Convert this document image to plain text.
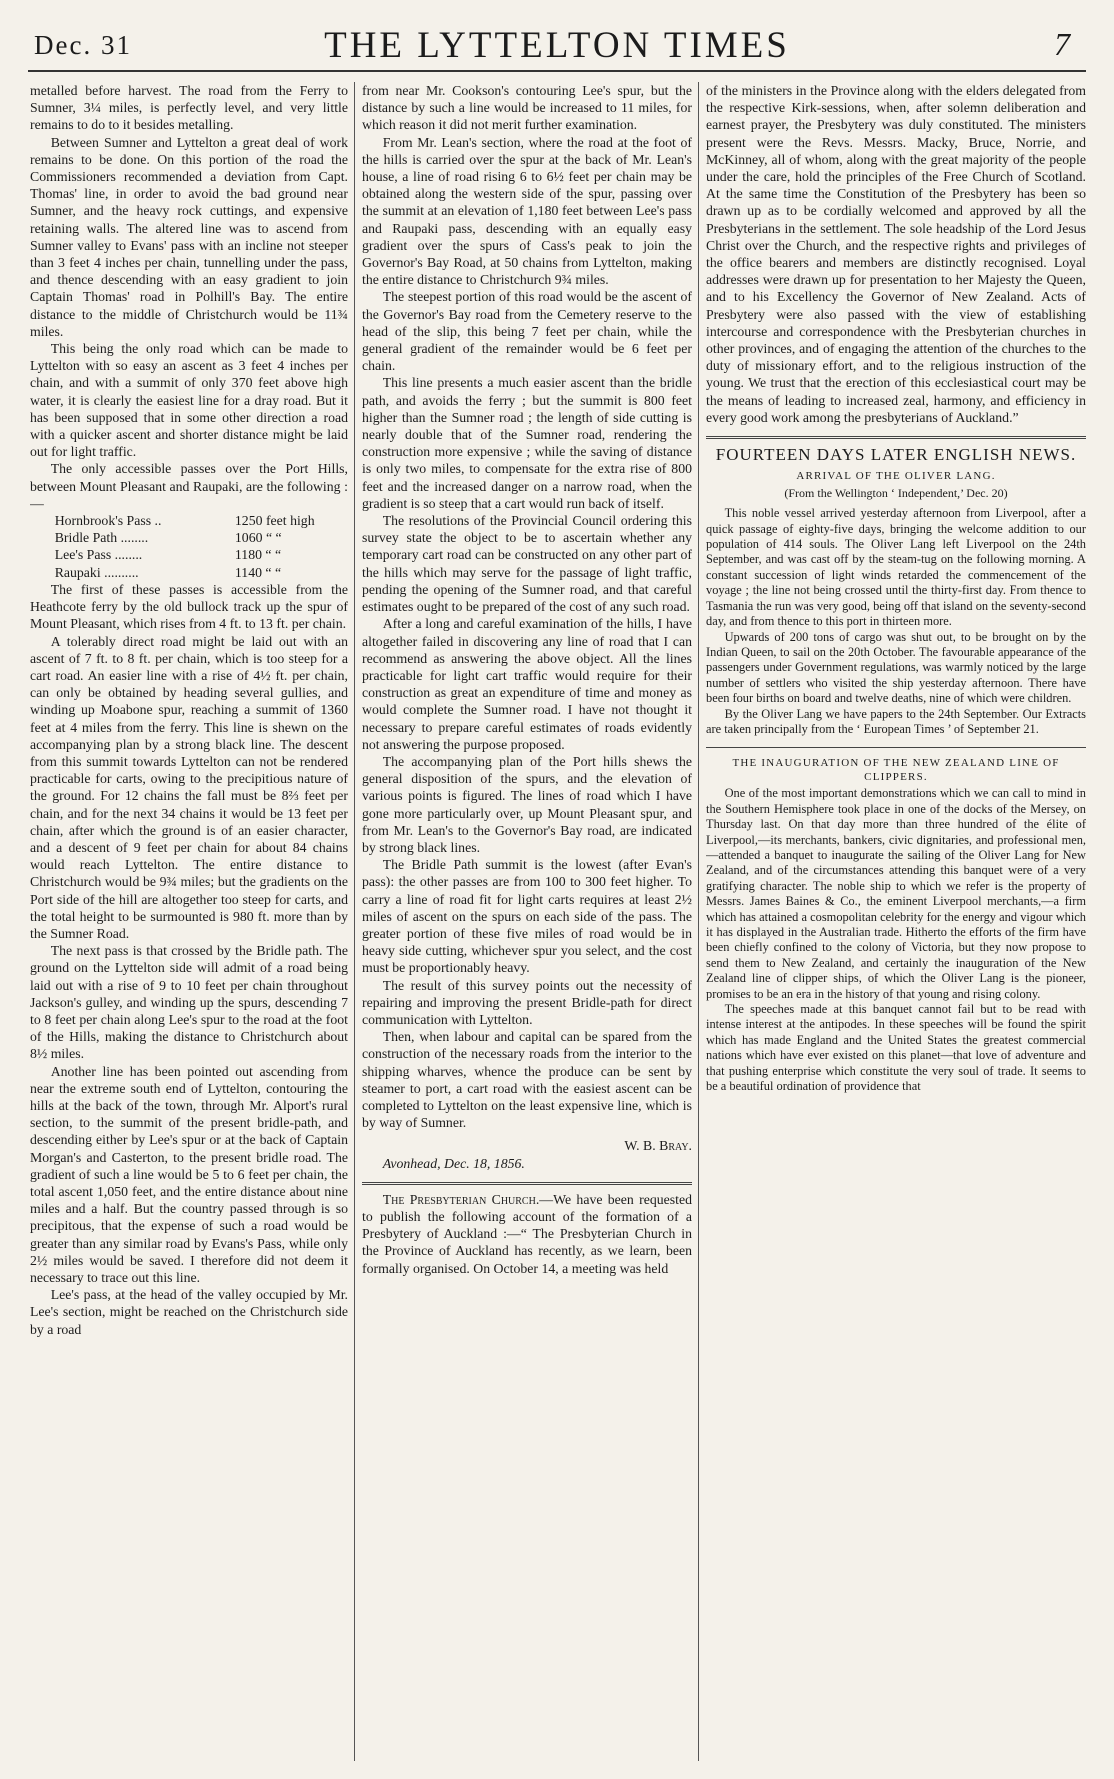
Dec. 31	THE LYTTELTON TIMES	7

metalled before harvest. The road from the Ferry to Sumner, 3¼ miles, is perfectly level, and very little remains to do to it besides metalling.

Between Sumner and Lyttelton a great deal of work remains to be done. On this portion of the road the Commissioners recommended a deviation from Capt. Thomas' line, in order to avoid the bad ground near Sumner, and the heavy rock cuttings, and expensive retaining walls. The altered line was to ascend from Sumner valley to Evans' pass with an incline not steeper than 3 feet 4 inches per chain, tunnelling under the pass, and thence descending with an easy gradient to join Captain Thomas' road in Polhill's Bay. The entire distance to the middle of Christchurch would be 11¾ miles.

This being the only road which can be made to Lyttelton with so easy an ascent as 3 feet 4 inches per chain, and with a summit of only 370 feet above high water, it is clearly the easiest line for a dray road. But it has been supposed that in some other direction a road with a quicker ascent and shorter distance might be laid out for light traffic.

The only accessible passes over the Port Hills, between Mount Pleasant and Raupaki, are the following :—

Hornbrook's Pass ..	1250 feet high
Bridle Path ........	1060 “ “
Lee's Pass ........	1180 “ “
Raupaki ..........	1140 “ “

The first of these passes is accessible from the Heathcote ferry by the old bullock track up the spur of Mount Pleasant, which rises from 4 ft. to 13 ft. per chain.

A tolerably direct road might be laid out with an ascent of 7 ft. to 8 ft. per chain, which is too steep for a cart road. An easier line with a rise of 4½ ft. per chain, can only be obtained by heading several gullies, and winding up Moabone spur, reaching a summit of 1360 feet at 4 miles from the ferry. This line is shewn on the accompanying plan by a strong black line. The descent from this summit towards Lyttelton can not be rendered practicable for carts, owing to the precipitious nature of the ground. For 12 chains the fall must be 8⅔ feet per chain, and for the next 34 chains it would be 13 feet per chain, after which the ground is of an easier character, and a descent of 9 feet per chain for about 84 chains would reach Lyttelton. The entire distance to Christchurch would be 9¾ miles; but the gradients on the Port side of the hill are altogether too steep for carts, and the total height to be surmounted is 980 ft. more than by the Sumner Road.

The next pass is that crossed by the Bridle path. The ground on the Lyttelton side will admit of a road being laid out with a rise of 9 to 10 feet per chain throughout Jackson's gulley, and winding up the spurs, descending 7 to 8 feet per chain along Lee's spur to the road at the foot of the Hills, making the distance to Christchurch about 8½ miles.

Another line has been pointed out ascending from near the extreme south end of Lyttelton, contouring the hills at the back of the town, through Mr. Alport's rural section, to the summit of the present bridle-path, and descending either by Lee's spur or at the back of Captain Morgan's and Casterton, to the present bridle road. The gradient of such a line would be 5 to 6 feet per chain, the total ascent 1,050 feet, and the entire distance about nine miles and a half. But the country passed through is so precipitous, that the expense of such a road would be greater than any similar road by Evans's Pass, while only 2½ miles would be saved. I therefore did not deem it necessary to trace out this line.

Lee's pass, at the head of the valley occupied by Mr. Lee's section, might be reached on the Christchurch side by a road

from near Mr. Cookson's contouring Lee's spur, but the distance by such a line would be increased to 11 miles, for which reason it did not merit further examination.

From Mr. Lean's section, where the road at the foot of the hills is carried over the spur at the back of Mr. Lean's house, a line of road rising 6 to 6½ feet per chain may be obtained along the western side of the spur, passing over the summit at an elevation of 1,180 feet between Lee's pass and Raupaki pass, descending with an equally easy gradient over the spurs of Cass's peak to join the Governor's Bay Road, at 50 chains from Lyttelton, making the entire distance to Christchurch 9¾ miles.

The steepest portion of this road would be the ascent of the Governor's Bay road from the Cemetery reserve to the head of the slip, this being 7 feet per chain, while the general gradient of the remainder would be 6 feet per chain.

This line presents a much easier ascent than the bridle path, and avoids the ferry ; but the summit is 800 feet higher than the Sumner road ; the length of side cutting is nearly double that of the Sumner road, rendering the construction more expensive ; while the saving of distance is only two miles, to compensate for the extra rise of 800 feet and the increased danger on a narrow road, when the gradient is so steep that a cart would run back of itself.

The resolutions of the Provincial Council ordering this survey state the object to be to ascertain whether any temporary cart road can be constructed on any other part of the hills which may serve for the passage of light traffic, pending the opening of the Sumner road, and that careful estimates ought to be prepared of the cost of any such road.

After a long and careful examination of the hills, I have altogether failed in discovering any line of road that I can recommend as answering the above object. All the lines practicable for light cart traffic would require for their construction as great an expenditure of time and money as would complete the Sumner road. I have not thought it necessary to prepare careful estimates of roads evidently not answering the purpose proposed.

The accompanying plan of the Port hills shews the general disposition of the spurs, and the elevation of various points is figured. The lines of road which I have gone more particularly over, up Mount Pleasant spur, and from Mr. Lean's to the Governor's Bay road, are indicated by strong black lines.

The Bridle Path summit is the lowest (after Evan's pass): the other passes are from 100 to 300 feet higher. To carry a line of road fit for light carts requires at least 2½ miles of ascent on the spurs on each side of the pass. The greater portion of these five miles of road would be in heavy side cutting, whichever spur you select, and the cost must be proportionably heavy.

The result of this survey points out the necessity of repairing and improving the present Bridle-path for direct communication with Lyttelton.

Then, when labour and capital can be spared from the construction of the necessary roads from the interior to the shipping wharves, whence the produce can be sent by steamer to port, a cart road with the easiest ascent can be completed to Lyttelton on the least expensive line, which is by way of Sumner.

W. B. Bray.
Avonhead, Dec. 18, 1856.

The Presbyterian Church.—We have been requested to publish the following account of the formation of a Presbytery of Auckland :—“ The Presbyterian Church in the Province of Auckland has recently, as we learn, been formally organised. On October 14, a meeting was held

of the ministers in the Province along with the elders delegated from the respective Kirk-sessions, when, after solemn deliberation and earnest prayer, the Presbytery was duly constituted. The ministers present were the Revs. Messrs. Macky, Bruce, Norrie, and McKinney, all of whom, along with the great majority of the people under the care, hold the principles of the Free Church of Scotland. At the same time the Constitution of the Presbytery has been so drawn up as to be cordially welcomed and approved by all the Presbyterians in the settlement. The sole headship of the Lord Jesus Christ over the Church, and the respective rights and privileges of the office bearers and members are distinctly recognised. Loyal addresses were drawn up for presentation to her Majesty the Queen, and to his Excellency the Governor of New Zealand. Acts of Presbytery were also passed with the view of establishing intercourse and correspondence with the Presbyterian churches in other provinces, and of engaging the attention of the churches to the duty of missionary effort, and to the religious instruction of the young. We trust that the erection of this ecclesiastical court may be the means of leading to increased zeal, harmony, and efficiency in every good work among the presbyterians of Auckland.”

FOURTEEN DAYS LATER ENGLISH NEWS.
ARRIVAL OF THE OLIVER LANG.
(From the Wellington ‘ Independent,’ Dec. 20)

This noble vessel arrived yesterday afternoon from Liverpool, after a quick passage of eighty-five days, bringing the welcome addition to our population of 414 souls. The Oliver Lang left Liverpool on the 24th September, and was cast off by the steam-tug on the following morning. A constant succession of light winds retarded the commencement of the voyage ; the line not being crossed until the thirty-first day. From thence to Tasmania the run was very good, being off that island on the seventy-second day, and from thence to this port in thirteen more.

Upwards of 200 tons of cargo was shut out, to be brought on by the Indian Queen, to sail on the 20th October. The favourable appearance of the passengers under Government regulations, was warmly noticed by the large number of settlers who visited the ship yesterday afternoon. There have been four births on board and twelve deaths, nine of which were children.

By the Oliver Lang we have papers to the 24th September. Our Extracts are taken principally from the ‘ European Times ’ of September 21.

THE INAUGURATION OF THE NEW ZEALAND LINE OF CLIPPERS.

One of the most important demonstrations which we can call to mind in the Southern Hemisphere took place in one of the docks of the Mersey, on Thursday last. On that day more than three hundred of the élite of Liverpool,—its merchants, bankers, civic dignitaries, and professional men,—attended a banquet to inaugurate the sailing of the Oliver Lang for New Zealand, and of the circumstances attending this banquet were of a very gratifying character. The noble ship to which we refer is the property of Messrs. James Baines & Co., the eminent Liverpool merchants,—a firm which has attained a cosmopolitan celebrity for the energy and vigour which it has displayed in the Australian trade. Hitherto the efforts of the firm have been chiefly confined to the colony of Victoria, but they now propose to send them to New Zealand, and certainly the inauguration of the New Zealand line of clipper ships, of which the Oliver Lang is the pioneer, promises to be an era in the history of that young and rising colony.

The speeches made at this banquet cannot fail but to be read with intense interest at the antipodes. In these speeches will be found the spirit which has made England and the United States the greatest commercial nations which have ever existed on this planet—that love of adventure and that pushing enterprise which constitute the very soul of trade. It seems to be a beautiful ordination of providence that
